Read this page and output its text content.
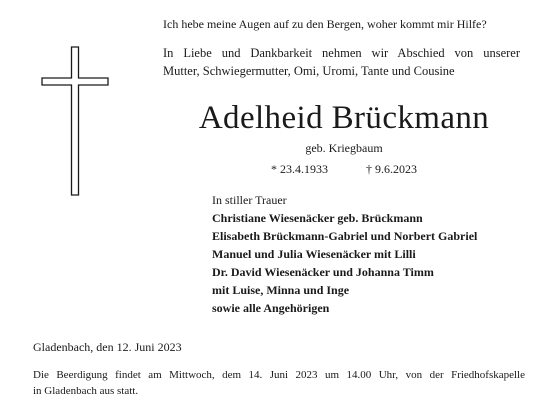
Ich hebe meine Augen auf zu den Bergen, woher kommt mir Hilfe?
In Liebe und Dankbarkeit nehmen wir Abschied von unserer
Mutter, Schwiegermutter, Omi, Uromi, Tante und Cousine
Adelheid Brückmann
geb. Kriegbaum
* 23.4.1933	† 9.6.2023
In stiller Trauer
Christiane Wiesenäcker geb. Brückmann
Elisabeth Brückmann-Gabriel und Norbert Gabriel
Manuel und Julia Wiesenäcker mit Lilli
Dr. David Wiesenäcker und Johanna Timm
mit Luise, Minna und Inge
sowie alle Angehörigen
Gladenbach, den 12. Juni 2023
Die Beerdigung findet am Mittwoch, dem 14. Juni 2023 um 14.00 Uhr, von der Friedhofskapelle
in Gladenbach aus statt.
